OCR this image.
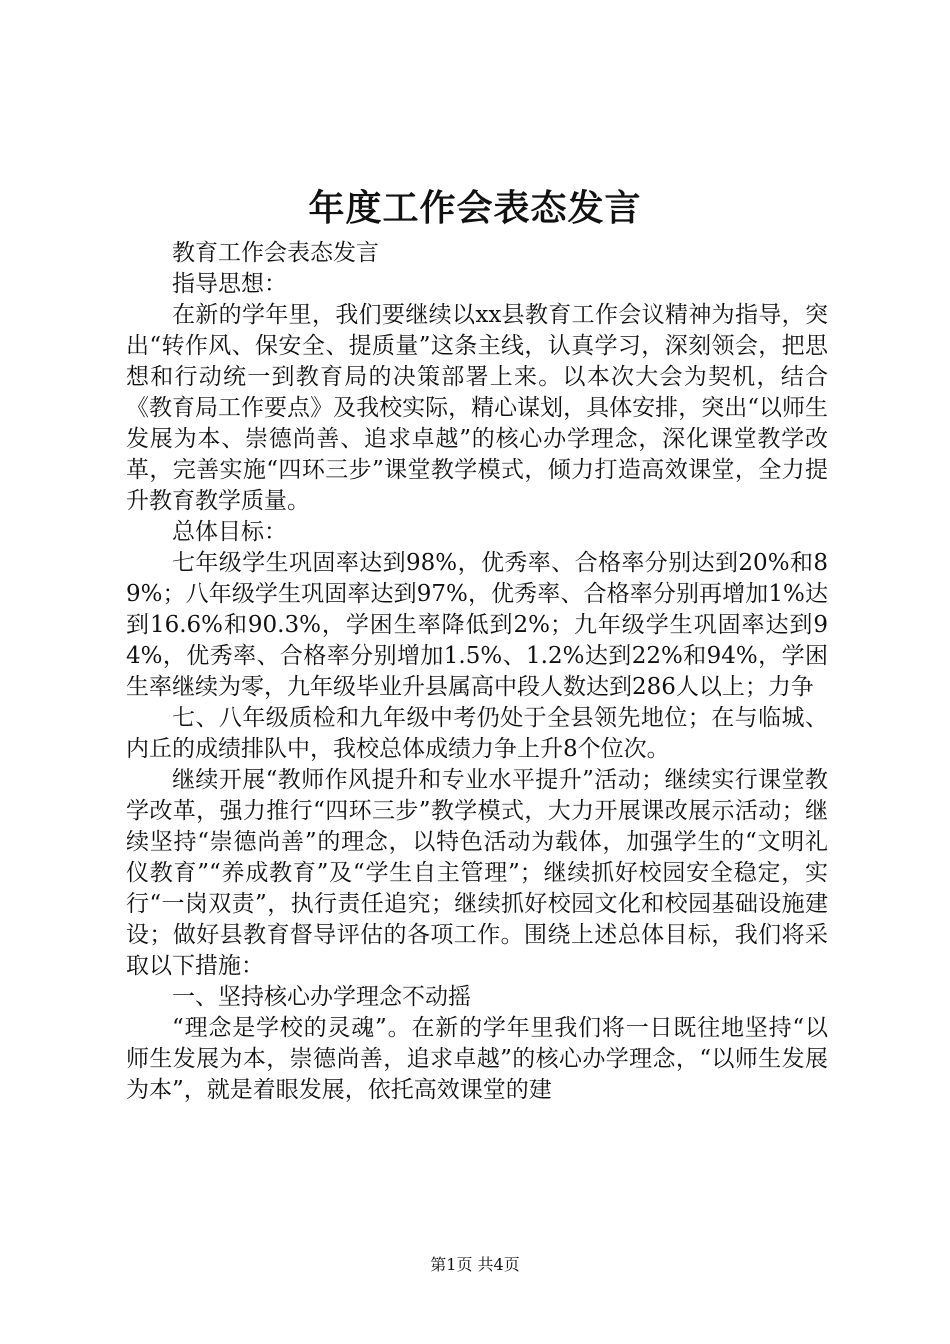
年度工作会表态发言

教育工作会表态发言

指导思想：

在新的学年里，我们要继续以xx县教育工作会议精神为指导，突出“转作风、保安全、提质量”这条主线，认真学习，深刻领会，把思想和行动统一到教育局的决策部署上来。以本次大会为契机，结合《教育局工作要点》及我校实际，精心谋划，具体安排，突出“以师生发展为本、崇德尚善、追求卓越”的核心办学理念，深化课堂教学改革，完善实施“四环三步”课堂教学模式，倾力打造高效课堂，全力提升教育教学质量。

总体目标：

七年级学生巩固率达到98%，优秀率、合格率分别达到20%和89%；八年级学生巩固率达到97%，优秀率、合格率分别再增加1%达到16.6%和90.3%，学困生率降低到2%；九年级学生巩固率达到94%，优秀率、合格率分别增加1.5%、1.2%达到22%和94%，学困生率继续为零，九年级毕业升县属高中段人数达到286人以上；力争

七、八年级质检和九年级中考仍处于全县领先地位；在与临城、内丘的成绩排队中，我校总体成绩力争上升8个位次。

继续开展“教师作风提升和专业水平提升”活动；继续实行课堂教学改革，强力推行“四环三步”教学模式，大力开展课改展示活动；继续坚持“崇德尚善”的理念，以特色活动为载体，加强学生的“文明礼仪教育”“养成教育”及“学生自主管理”；继续抓好校园安全稳定，实行“一岗双责”，执行责任追究；继续抓好校园文化和校园基础设施建设；做好县教育督导评估的各项工作。围绕上述总体目标，我们将采取以下措施：

一、坚持核心办学理念不动摇

“理念是学校的灵魂”。在新的学年里我们将一日既往地坚持“以师生发展为本，崇德尚善，追求卓越”的核心办学理念，“以师生发展为本”，就是着眼发展，依托高效课堂的建

第1页 共4页
